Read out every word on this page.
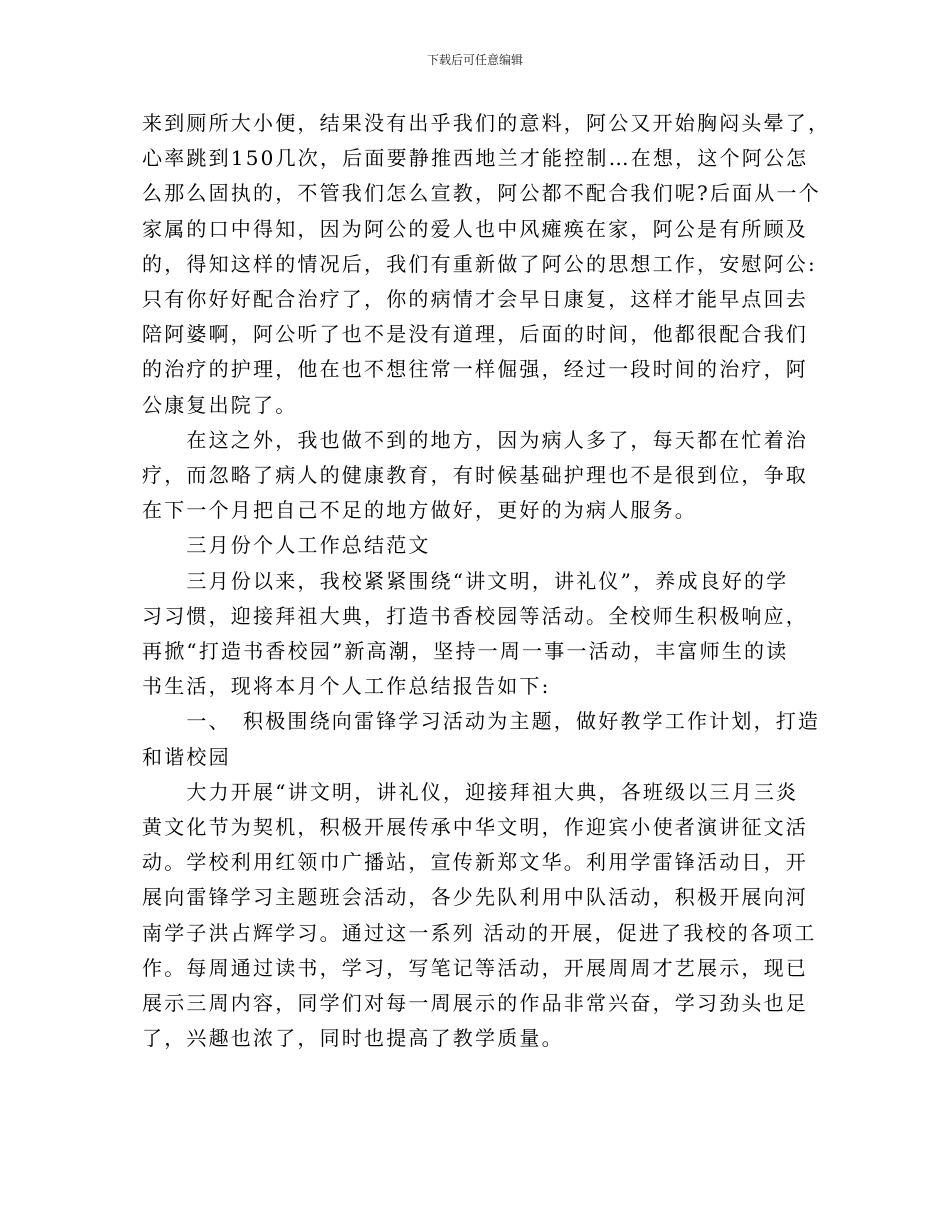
下载后可任意编辑

来到厕所大小便，结果没有出乎我们的意料，阿公又开始胸闷头晕了，

心率跳到150几次，后面要静推西地兰才能控制…在想，这个阿公怎

么那么固执的，不管我们怎么宣教，阿公都不配合我们呢?后面从一个

家属的口中得知，因为阿公的爱人也中风瘫痪在家，阿公是有所顾及

的，得知这样的情况后，我们有重新做了阿公的思想工作，安慰阿公:

只有你好好配合治疗了，你的病情才会早日康复，这样才能早点回去

陪阿婆啊，阿公听了也不是没有道理，后面的时间，他都很配合我们

的治疗的护理，他在也不想往常一样倔强，经过一段时间的治疗，阿

公康复出院了。

　　在这之外，我也做不到的地方，因为病人多了，每天都在忙着治

疗，而忽略了病人的健康教育，有时候基础护理也不是很到位，争取

在下一个月把自己不足的地方做好，更好的为病人服务。

　　三月份个人工作总结范文

　　三月份以来，我校紧紧围绕“讲文明，讲礼仪”，养成良好的学

习习惯，迎接拜祖大典，打造书香校园等活动。全校师生积极响应，

再掀“打造书香校园”新高潮，坚持一周一事一活动，丰富师生的读

书生活，现将本月个人工作总结报告如下:

　　一、　积极围绕向雷锋学习活动为主题，做好教学工作计划，打造

和谐校园

　　大力开展“讲文明，讲礼仪，迎接拜祖大典，各班级以三月三炎

黄文化节为契机，积极开展传承中华文明，作迎宾小使者演讲征文活

动。学校利用红领巾广播站，宣传新郑文华。利用学雷锋活动日，开

展向雷锋学习主题班会活动，各少先队利用中队活动，积极开展向河

南学子洪占辉学习。通过这一系列 活动的开展，促进了我校的各项工

作。每周通过读书，学习，写笔记等活动，开展周周才艺展示，现已

展示三周内容，同学们对每一周展示的作品非常兴奋，学习劲头也足

了，兴趣也浓了，同时也提高了教学质量。
